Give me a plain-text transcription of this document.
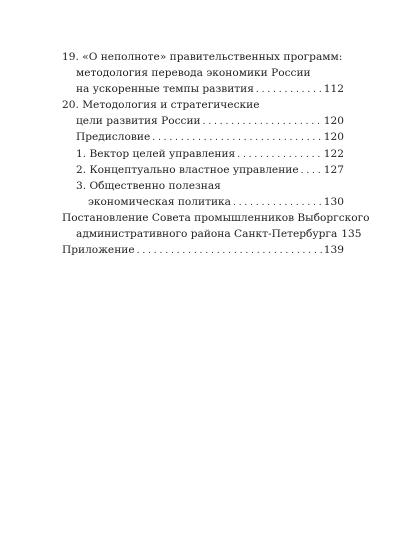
19. «О неполноте» правительственных программ:
методология перевода экономики России
на ускоренные темпы развития . . .	112
20. Методология и стратегические
цели развития России . . .	120
Предисловие . . .	120
1. Вектор целей управления . . .	122
2. Концептуально властное управление . . . 127
3. Общественно полезная
экономическая политика . . .	130
Постановление Совета промышленников Выборгского
административного района Санкт-Петербурга 135
Приложение . . .	139
